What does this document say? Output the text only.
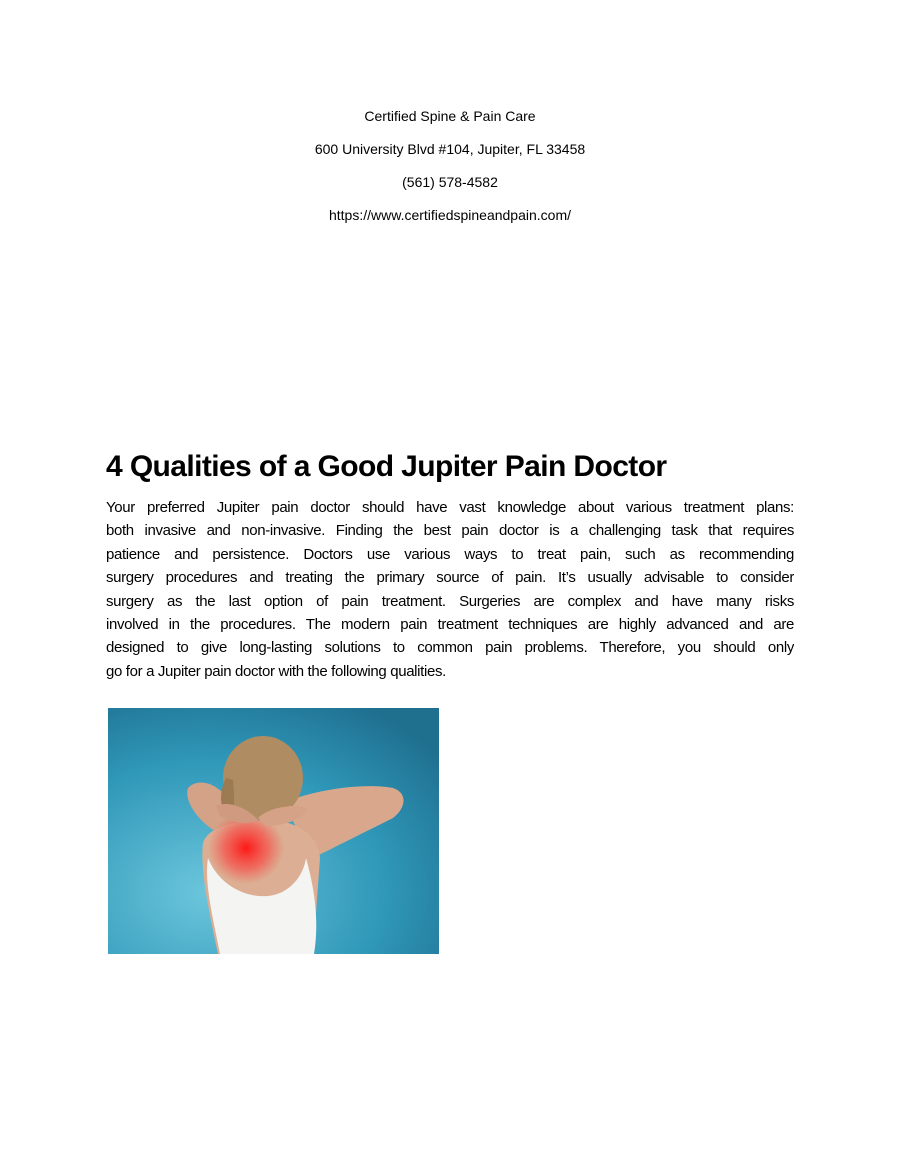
Certified Spine & Pain Care
600 University Blvd #104, Jupiter, FL 33458
(561) 578-4582
https://www.certifiedspineandpain.com/
4 Qualities of a Good Jupiter Pain Doctor
Your preferred Jupiter pain doctor should have vast knowledge about various treatment plans:
both invasive and non-invasive. Finding the best pain doctor is a challenging task that requires
patience and persistence. Doctors use various ways to treat pain, such as recommending
surgery procedures and treating the primary source of pain. It’s usually advisable to consider
surgery as the last option of pain treatment. Surgeries are complex and have many risks
involved in the procedures. The modern pain treatment techniques are highly advanced and are
designed to give long-lasting solutions to common pain problems. Therefore, you should only
go for a Jupiter pain doctor with the following qualities.
